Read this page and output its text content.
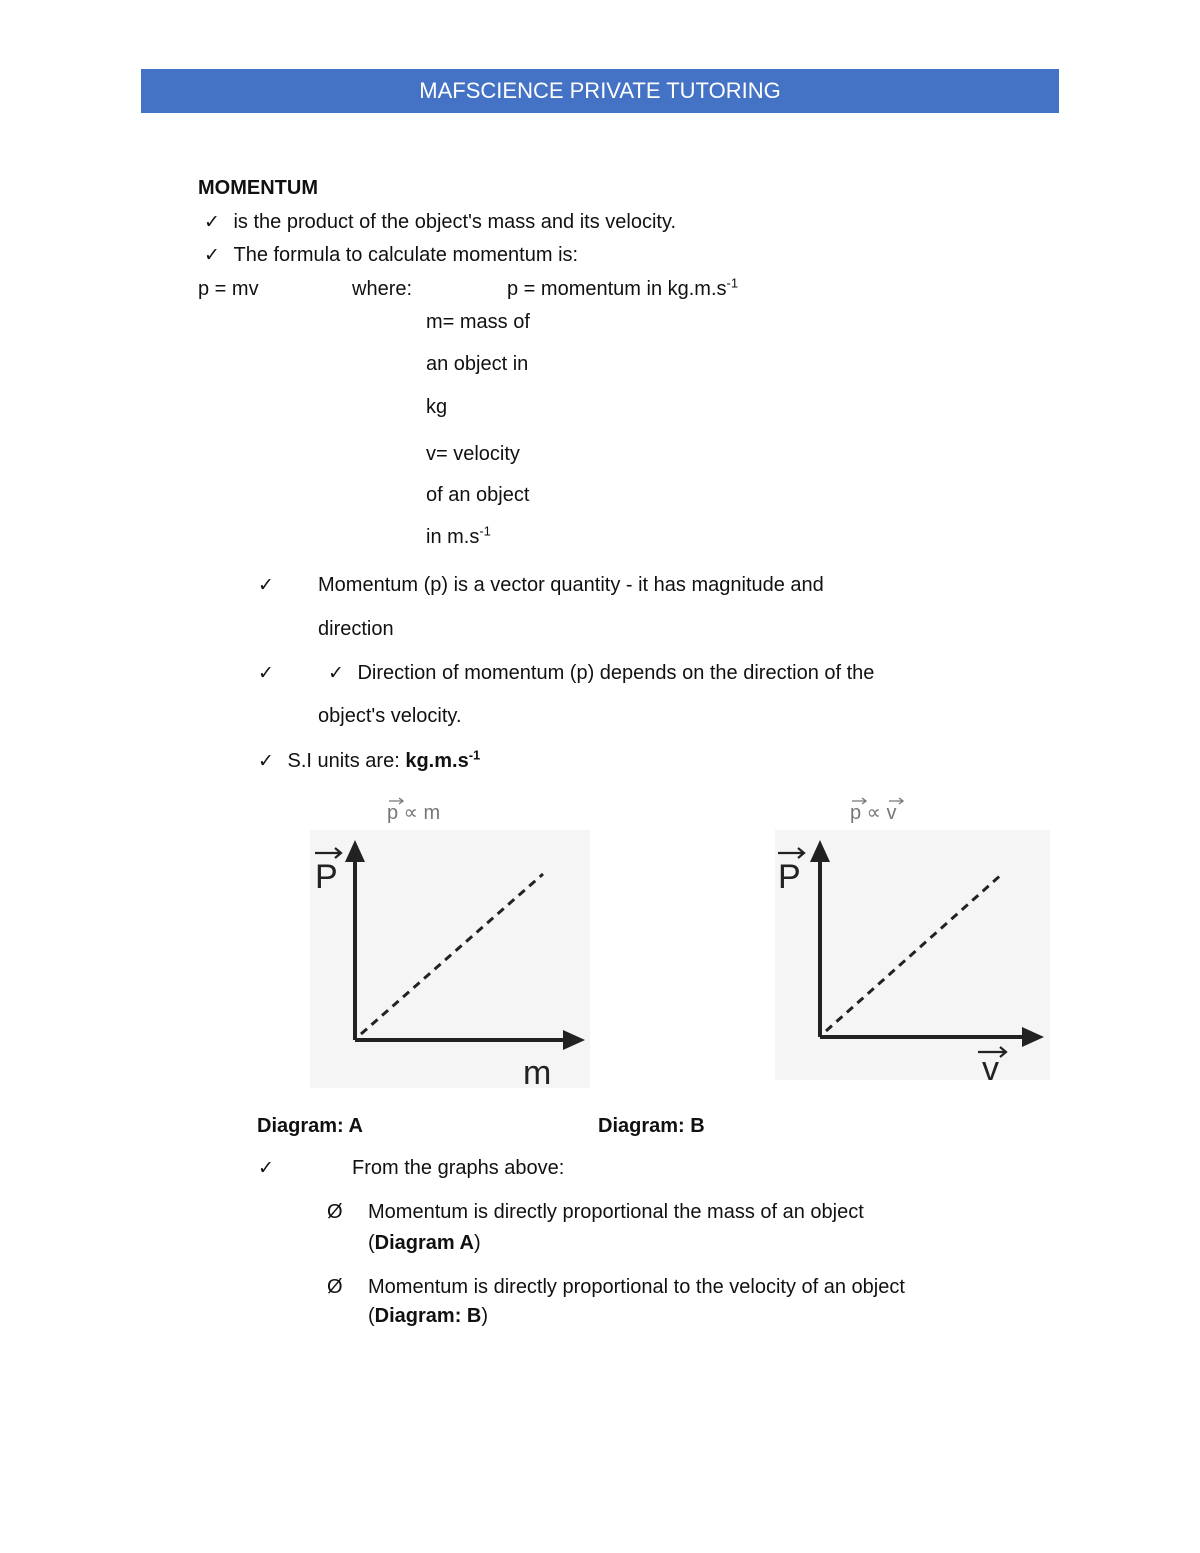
MAFSCIENCE PRIVATE TUTORING
MOMENTUM
✓ is the product of the object's mass and its velocity.
✓ The formula to calculate momentum is:
p = mv	where:	p = momentum in $kg.m.s^{-1}$
m= mass of
an object in
kg
v= velocity
of an object
in $m.s^{-1}$
✓ Momentum (p) is a vector quantity - it has magnitude and
direction
✓	✓ Direction of momentum (p) depends on the direction of the
object's velocity.
✓ S.I units are: $kg.m.s^{-1}$
p ∝ m
P
m
p ∝ v
P
v
Diagram: A	Diagram: B
✓	From the graphs above:
Ø Momentum is directly proportional the mass of an object
(Diagram A)
Ø Momentum is directly proportional to the velocity of an object
(Diagram: B)
